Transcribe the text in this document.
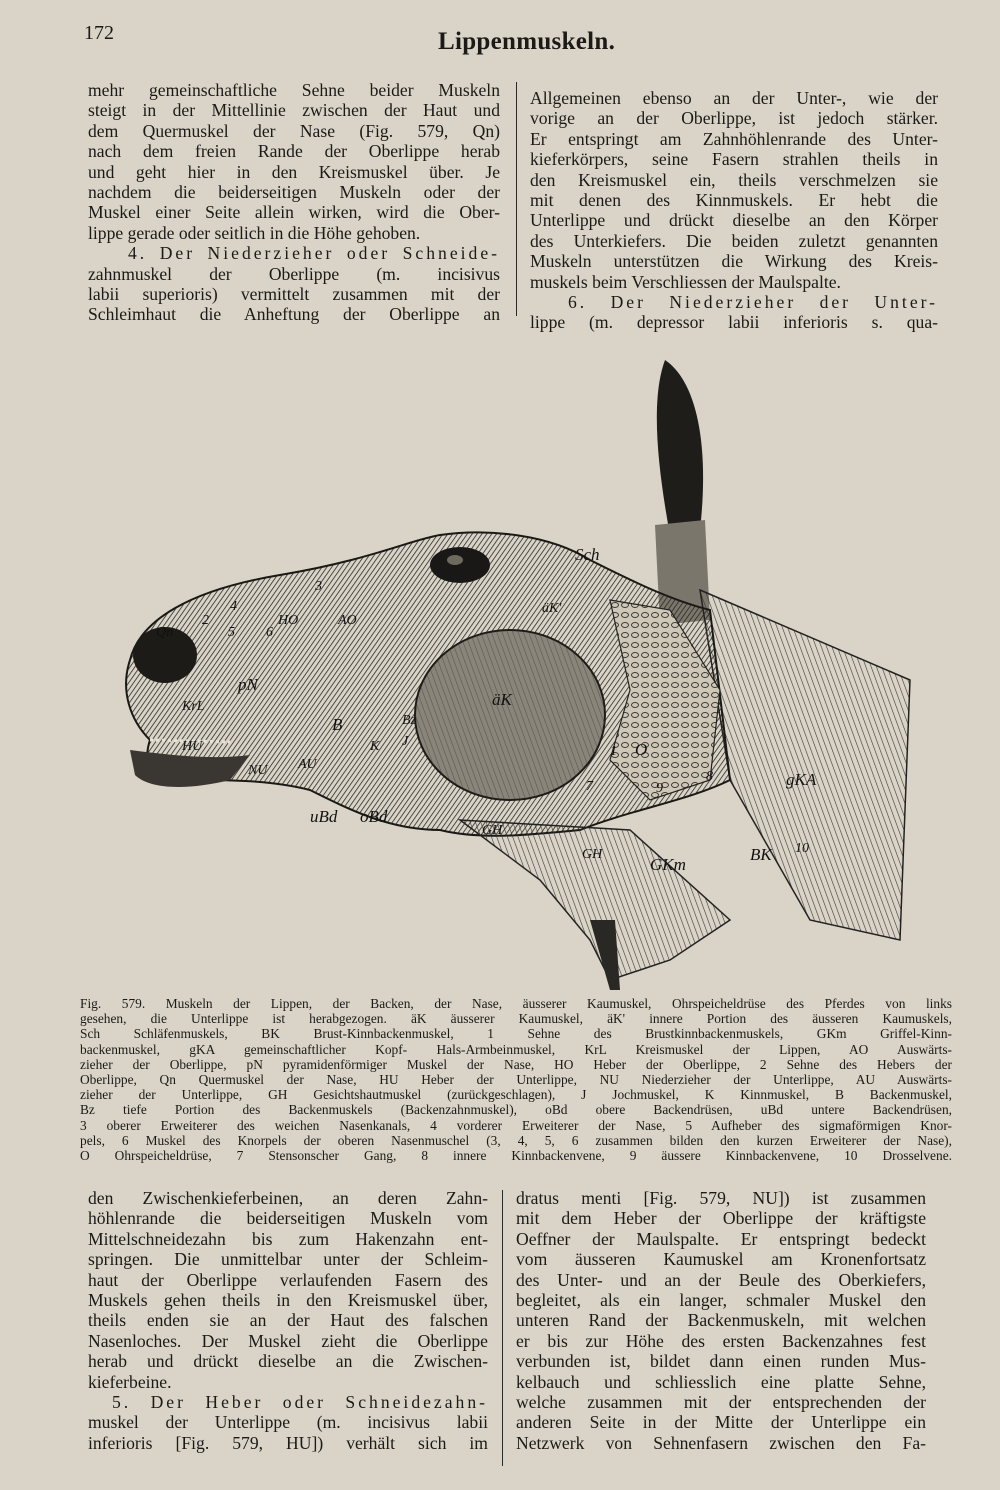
172	Lippenmuskeln.
mehr gemeinschaftliche Sehne beider Muskeln
steigt in der Mittellinie zwischen der Haut und
dem Quermuskel der Nase (Fig. 579, Qn)
nach dem freien Rande der Oberlippe herab
und geht hier in den Kreismuskel über. Je
nachdem die beiderseitigen Muskeln oder der
Muskel einer Seite allein wirken, wird die Ober-
lippe gerade oder seitlich in die Höhe gehoben.
4. Der Niederzieher oder Schneide-
zahnmuskel der Oberlippe (m. incisivus
labii superioris) vermittelt zusammen mit der
Schleimhaut die Anheftung der Oberlippe an
Allgemeinen ebenso an der Unter-, wie der
vorige an der Oberlippe, ist jedoch stärker.
Er entspringt am Zahnhöhlenrande des Unter-
kieferkörpers, seine Fasern strahlen theils in
den Kreismuskel ein, theils verschmelzen sie
mit denen des Kinnmuskels. Er hebt die
Unterlippe und drückt dieselbe an den Körper
des Unterkiefers. Die beiden zuletzt genannten
Muskeln unterstützen die Wirkung des Kreis-
muskels beim Verschliessen der Maulspalte.
6. Der Niederzieher der Unter-
lippe (m. depressor labii inferioris s. qua-
Sch
äK'
äK
HO	AO
3
4
1
2
5 6
Qn
pN
KrL
HU
NU AU
B	Bz
J
K	O
7
8
9
10
GH
GH
GKm
gKA
BK
uBd oBd
Fig. 579. Muskeln der Lippen, der Backen, der Nase, äusserer Kaumuskel, Ohrspeicheldrüse des Pferdes von links
gesehen, die Unterlippe ist herabgezogen. äK äusserer Kaumuskel, äK' innere Portion des äusseren Kaumuskels,
Sch Schläfenmuskels, BK Brust-Kinnbackenmuskel, 1 Sehne des Brustkinnbackenmuskels, GKm Griffel-Kinn-
backenmuskel, gKA gemeinschaftlicher Kopf- Hals-Armbeinmuskel, KrL Kreismuskel der Lippen, AO Auswärts-
zieher der Oberlippe, pN pyramidenförmiger Muskel der Nase, HO Heber der Oberlippe, 2 Sehne des Hebers der
Oberlippe, Qn Quermuskel der Nase, HU Heber der Unterlippe, NU Niederzieher der Unterlippe, AU Auswärts-
zieher der Unterlippe, GH Gesichtshautmuskel (zurückgeschlagen), J Jochmuskel, K Kinnmuskel, B Backenmuskel,
Bz tiefe Portion des Backenmuskels (Backenzahnmuskel), oBd obere Backendrüsen, uBd untere Backendrüsen,
3 oberer Erweiterer des weichen Nasenkanals, 4 vorderer Erweiterer der Nase, 5 Aufheber des sigmaförmigen Knor-
pels, 6 Muskel des Knorpels der oberen Nasenmuschel (3, 4, 5, 6 zusammen bilden den kurzen Erweiterer der Nase),
O Ohrspeicheldrüse, 7 Stensonscher Gang, 8 innere Kinnbackenvene, 9 äussere Kinnbackenvene, 10 Drosselvene.
den Zwischenkieferbeinen, an deren Zahn-
höhlenrande die beiderseitigen Muskeln vom
Mittelschneidezahn bis zum Hakenzahn ent-
springen. Die unmittelbar unter der Schleim-
haut der Oberlippe verlaufenden Fasern des
Muskels gehen theils in den Kreismuskel über,
theils enden sie an der Haut des falschen
Nasenloches. Der Muskel zieht die Oberlippe
herab und drückt dieselbe an die Zwischen-
kieferbeine.
5. Der Heber oder Schneidezahn-
muskel der Unterlippe (m. incisivus labii
inferioris [Fig. 579, HU]) verhält sich im
dratus menti [Fig. 579, NU]) ist zusammen
mit dem Heber der Oberlippe der kräftigste
Oeffner der Maulspalte. Er entspringt bedeckt
vom äusseren Kaumuskel am Kronenfortsatz
des Unter- und an der Beule des Oberkiefers,
begleitet, als ein langer, schmaler Muskel den
unteren Rand der Backenmuskeln, mit welchen
er bis zur Höhe des ersten Backenzahnes fest
verbunden ist, bildet dann einen runden Mus-
kelbauch und schliesslich eine platte Sehne,
welche zusammen mit der entsprechenden der
anderen Seite in der Mitte der Unterlippe ein
Netzwerk von Sehnenfasern zwischen den Fa-
